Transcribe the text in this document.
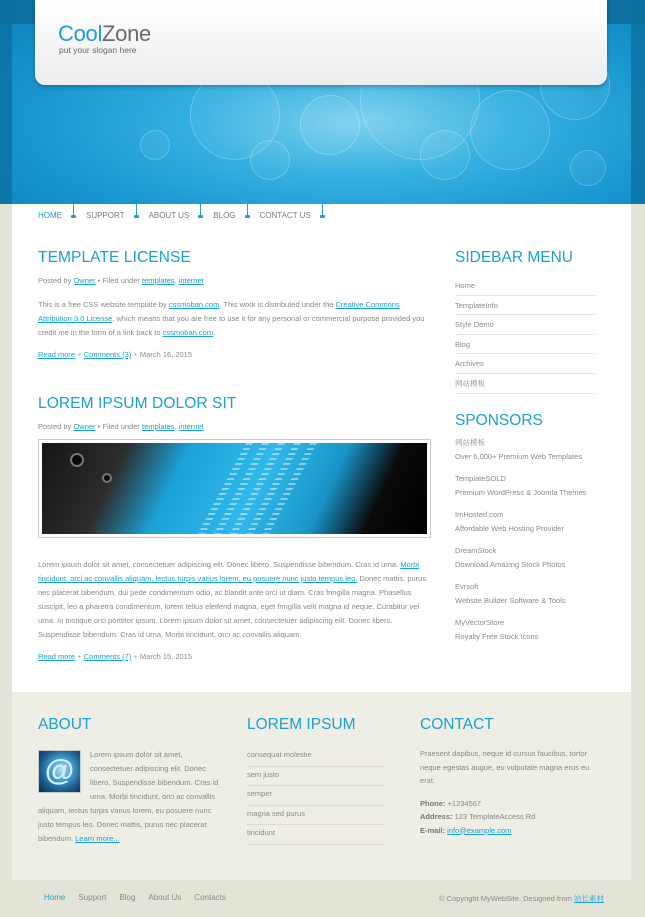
CoolZone
put your slogan here
HOME	SUPPORT	ABOUT US	BLOG	CONTACT US
TEMPLATE LICENSE
Posted by Owner • Filed under templates, internet

This is a free CSS website template by cssmoban.com. This work is distributed under the Creative Commons Attribution 3.0 License, which means that you are free to use it for any personal or commercial purpose provided you credit me in the form of a link back to cssmoban.com.

Read more • Comments (3) • March 16, 2015
LOREM IPSUM DOLOR SIT
Posted by Owner • Filed under templates, internet

Lorem ipsum dolor sit amet, consectetuer adipiscing elit. Donec libero. Suspendisse bibendum. Cras id urna. Morbi tincidunt, orci ac convallis aliquam, lectus turpis varius lorem, eu posuere nunc justo tempus leo. Donec mattis, purus nec placerat bibendum, dui pede condimentum odio, ac blandit ante orci ut diam. Cras fringilla magna. Phasellus suscipit, leo a pharetra condimentum, lorem tellus eleifend magna, eget fringilla velit magna id neque. Curabitur vel urna. In tristique orci porttitor ipsum. Lorem ipsum dolor sit amet, consectetuer adipiscing elit. Donec libero. Suspendisse bibendum. Cras id urna. Morbi tincidunt, orci ac convallis aliquam.

Read more • Comments (7) • March 15, 2015
SIDEBAR MENU
Home
TemplateInfo
Style Demo
Blog
Archives
网站模板
SPONSORS
网站模板
Over 6,000+ Premium Web Templates
TemplateSOLD
Premium WordPress & Joomla Themes
ImHosted.com
Affordable Web Hosting Provider
DreamStock
Download Amazing Stock Photos
Evrsoft
Website Builder Software & Tools
MyVectorStore
Royalty Free Stock Icons
ABOUT
@	Lorem ipsum dolor sit amet, consectetuer adipiscing elit. Donec libero. Suspendisse bibendum. Cras id urna. Morbi tincidunt, orci ac convallis aliquam, lectus turpis varius lorem, eu posuere nunc justo tempus leo. Donec mattis, purus nec placerat bibendum. Learn more...
LOREM IPSUM
consequat molestie
sem justo
semper
magna sed purus
tincidunt
CONTACT
Praesent dapibus, neque id cursus faucibus, tortor neque egestas augue, eu vulputate magna eros eu erat.
Phone: +1234567
Address: 123 TemplateAccess Rd
E-mail: info@example.com
Home Support Blog About Us Contacts	© Copyright MyWebSite. Designed from 站长素材
